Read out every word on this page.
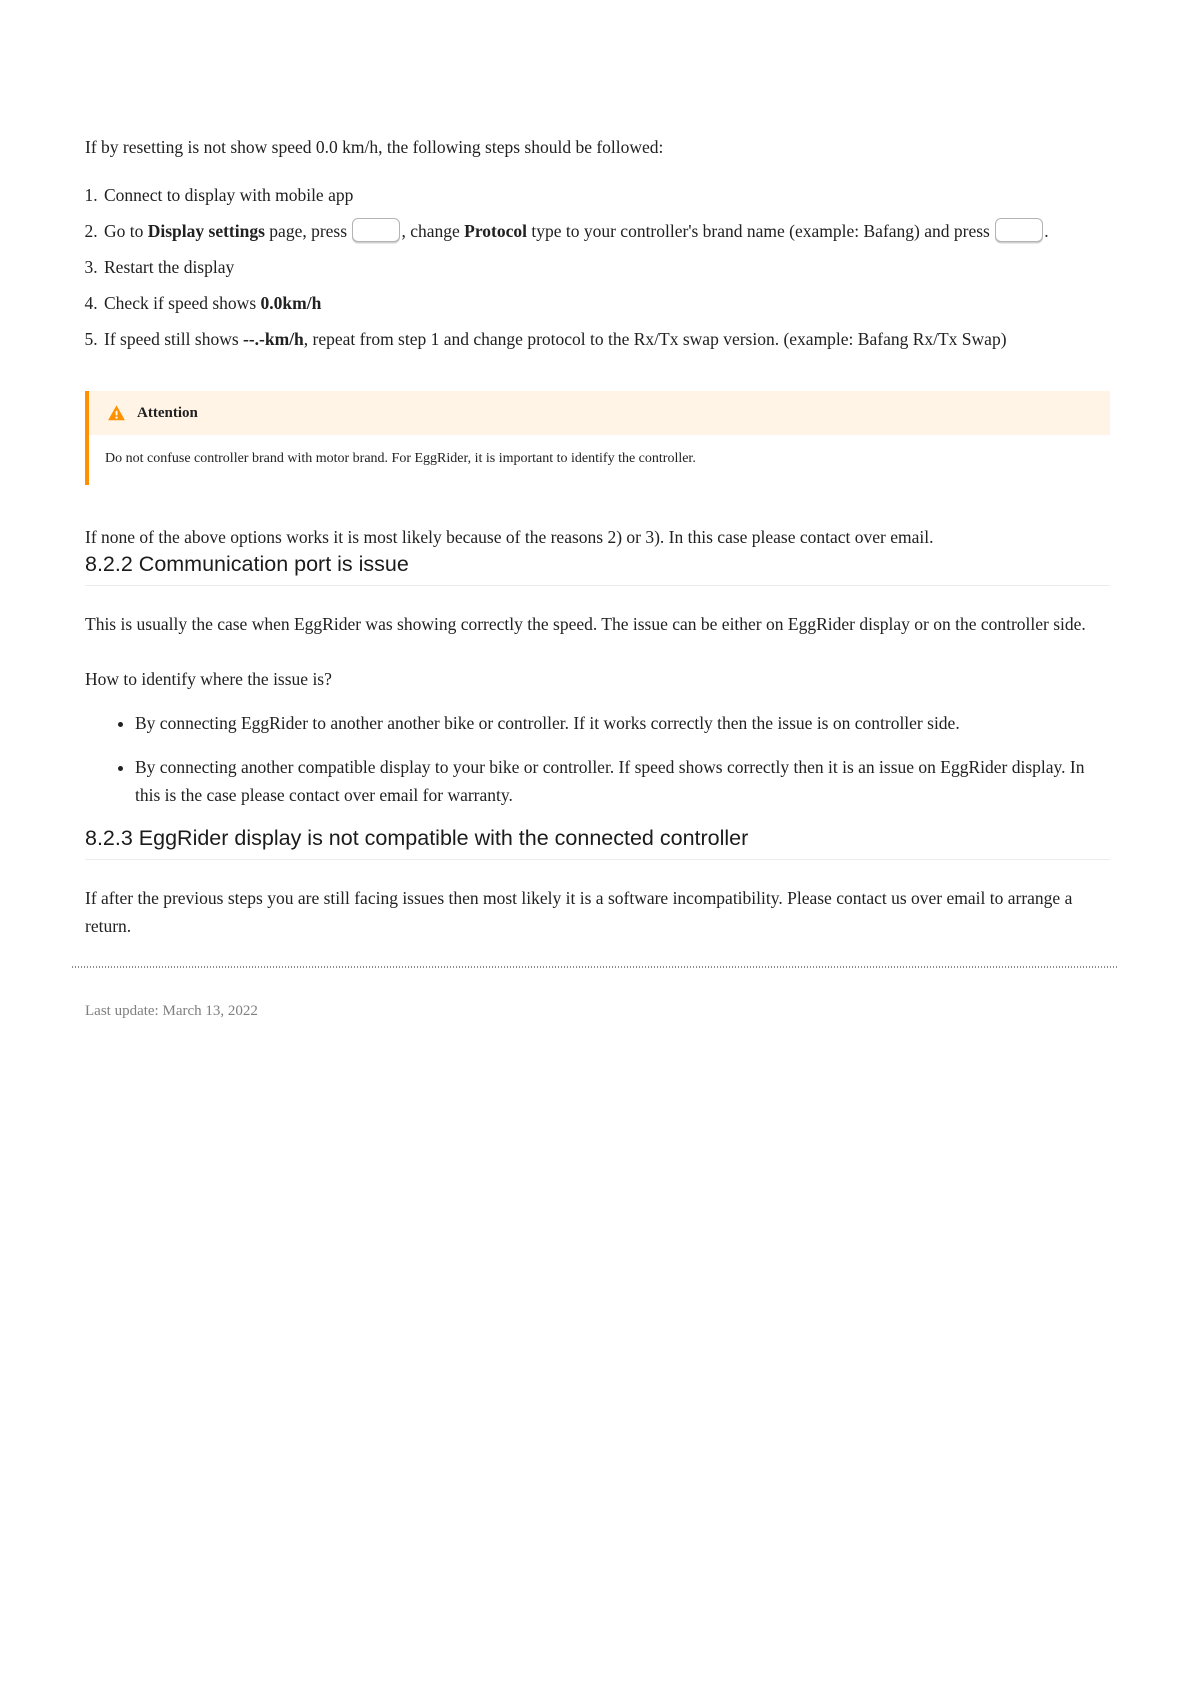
If by resetting is not show speed 0.0 km/h, the following steps should be followed:

1. Connect to display with mobile app
2. Go to Display settings page, press	, change Protocol type to your controller's brand name (example: Bafang) and press	.
3. Restart the display
4. Check if speed shows 0.0km/h
5. If speed still shows --.-km/h, repeat from step 1 and change protocol to the Rx/Tx swap version. (example: Bafang Rx/Tx Swap)
Attention
Do not confuse controller brand with motor brand. For EggRider, it is important to identify the controller.

If none of the above options works it is most likely because of the reasons 2) or 3). In this case please contact over email.

8.2.2 Communication port is issue

This is usually the case when EggRider was showing correctly the speed. The issue can be either on EggRider display or on the controller side.

How to identify where the issue is?

• By connecting EggRider to another another bike or controller. If it works correctly then the issue is on controller side.
• By connecting another compatible display to your bike or controller. If speed shows correctly then it is an issue on EggRider display. In this is the case please contact over email for warranty.
8.2.3 EggRider display is not compatible with the connected controller

If after the previous steps you are still facing issues then most likely it is a software incompatibility. Please contact us over email to arrange a return.

Last update: March 13, 2022
